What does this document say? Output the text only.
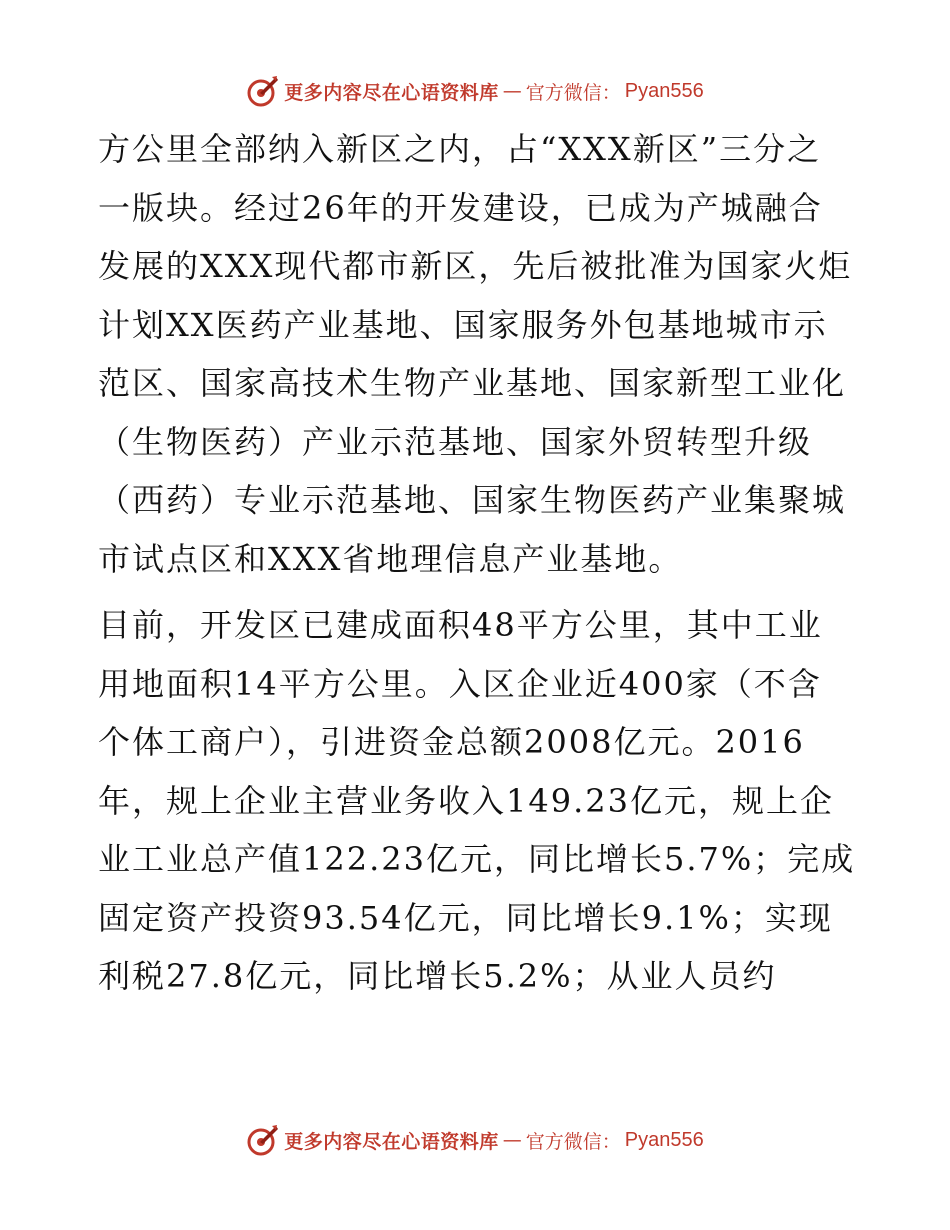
更多内容尽在心语资料库 — 官方微信： Pyan556

方公里全部纳入新区之内，占“XXX新区”三分之
一版块。经过26年的开发建设，已成为产城融合
发展的XXX现代都市新区，先后被批准为国家火炬
计划XX医药产业基地、国家服务外包基地城市示
范区、国家高技术生物产业基地、国家新型工业化
（生物医药）产业示范基地、国家外贸转型升级
（西药）专业示范基地、国家生物医药产业集聚城
市试点区和XXX省地理信息产业基地。

目前，开发区已建成面积48平方公里，其中工业
用地面积14平方公里。入区企业近400家（不含
个体工商户），引进资金总额2008亿元。2016
年，规上企业主营业务收入149.23亿元，规上企
业工业总产值122.23亿元，同比增长5.7%；完成
固定资产投资93.54亿元，同比增长9.1%；实现
利税27.8亿元，同比增长5.2%；从业人员约

更多内容尽在心语资料库 — 官方微信： Pyan556
